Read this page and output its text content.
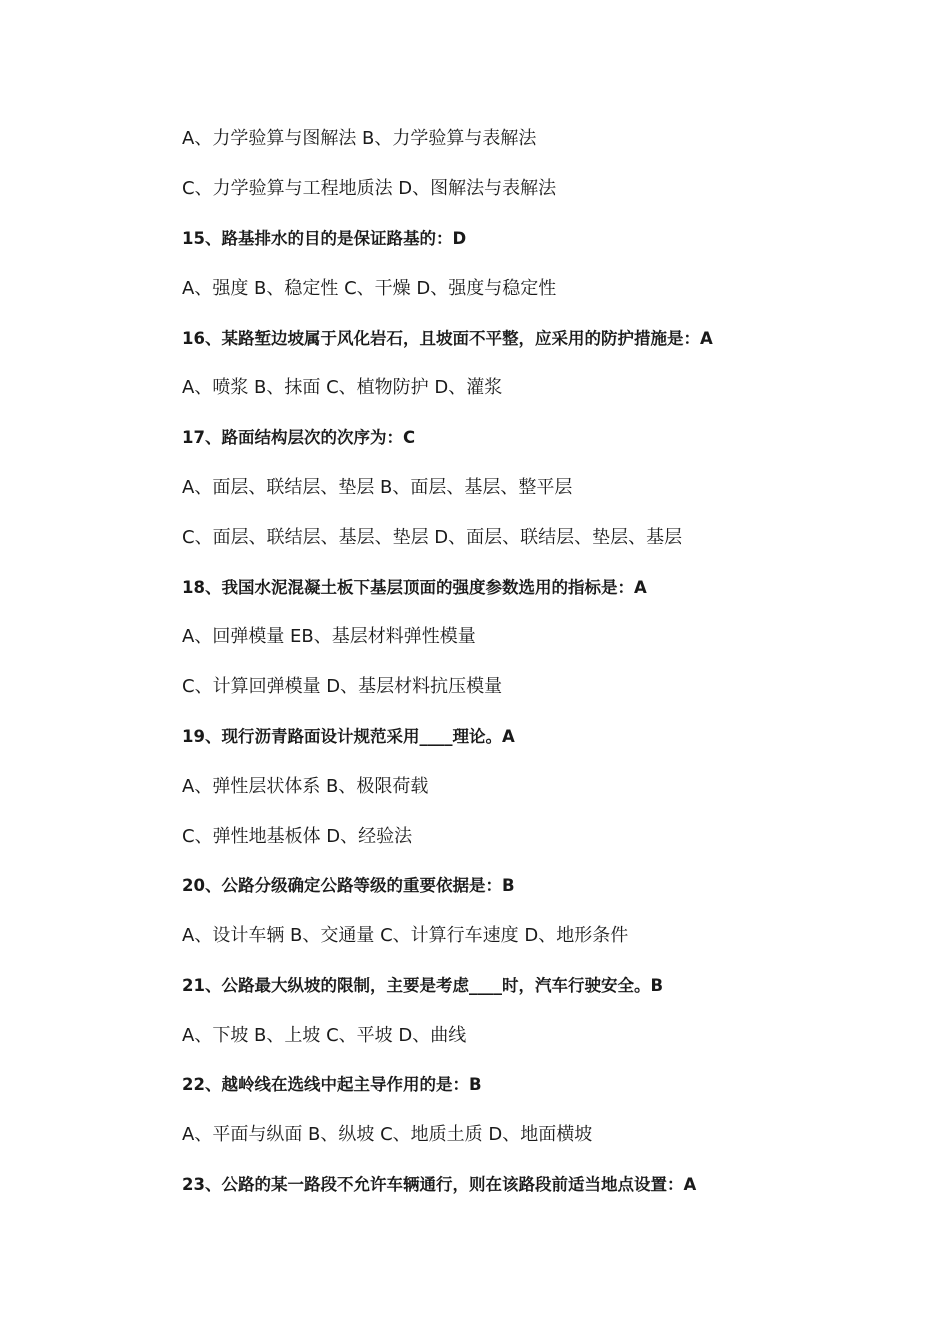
A、力学验算与图解法 B、力学验算与表解法
C、力学验算与工程地质法 D、图解法与表解法
15、路基排水的目的是保证路基的：D
A、强度 B、稳定性 C、干燥 D、强度与稳定性
16、某路堑边坡属于风化岩石，且坡面不平整，应采用的防护措施是：A
A、喷浆 B、抹面 C、植物防护 D、灌浆
17、路面结构层次的次序为：C
A、面层、联结层、垫层 B、面层、基层、整平层
C、面层、联结层、基层、垫层 D、面层、联结层、垫层、基层
18、我国水泥混凝土板下基层顶面的强度参数选用的指标是：A
A、回弹模量 EB、基层材料弹性模量
C、计算回弹模量 D、基层材料抗压模量
19、现行沥青路面设计规范采用____理论。A
A、弹性层状体系 B、极限荷载
C、弹性地基板体 D、经验法
20、公路分级确定公路等级的重要依据是：B
A、设计车辆 B、交通量 C、计算行车速度 D、地形条件
21、公路最大纵坡的限制，主要是考虑____时，汽车行驶安全。B
A、下坡 B、上坡 C、平坡 D、曲线
22、越岭线在选线中起主导作用的是：B
A、平面与纵面 B、纵坡 C、地质土质 D、地面横坡
23、公路的某一路段不允许车辆通行，则在该路段前适当地点设置：A
